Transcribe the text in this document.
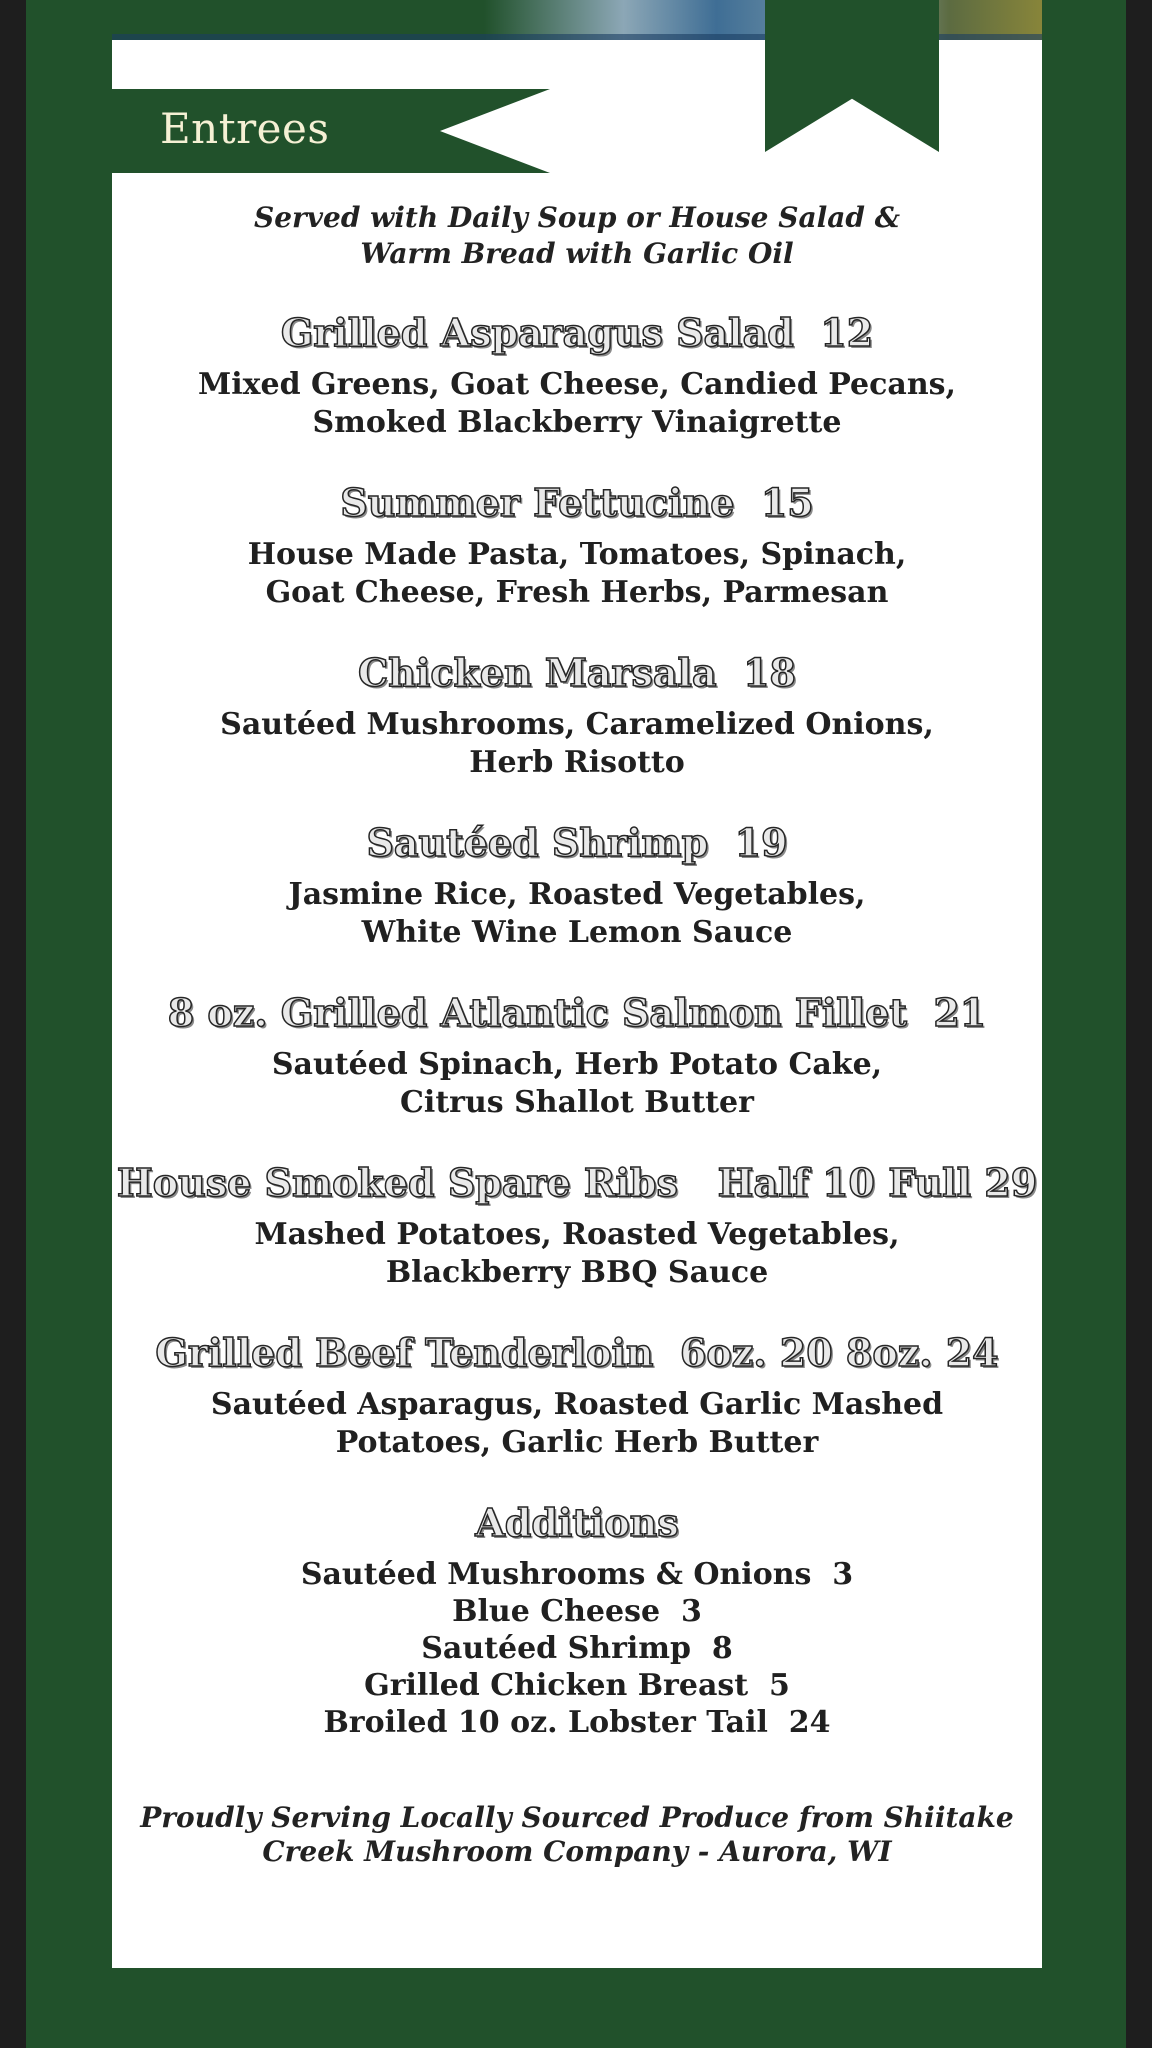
Entrees
Served with Daily Soup or House Salad &
Warm Bread with Garlic Oil
Grilled Asparagus Salad  12
Mixed Greens, Goat Cheese, Candied Pecans,
Smoked Blackberry Vinaigrette
Summer Fettucine  15
House Made Pasta, Tomatoes, Spinach,
Goat Cheese, Fresh Herbs, Parmesan
Chicken Marsala  18
Sautéed Mushrooms, Caramelized Onions,
Herb Risotto
Sautéed Shrimp  19
Jasmine Rice, Roasted Vegetables,
White Wine Lemon Sauce
8 oz. Grilled Atlantic Salmon Fillet  21
Sautéed Spinach, Herb Potato Cake,
Citrus Shallot Butter
House Smoked Spare Ribs   Half 10 Full 29
Mashed Potatoes, Roasted Vegetables,
Blackberry BBQ Sauce
Grilled Beef Tenderloin  6oz. 20 8oz. 24
Sautéed Asparagus, Roasted Garlic Mashed
Potatoes, Garlic Herb Butter
Additions
Sautéed Mushrooms & Onions  3
Blue Cheese  3
Sautéed Shrimp  8
Grilled Chicken Breast  5
Broiled 10 oz. Lobster Tail  24
Proudly Serving Locally Sourced Produce from Shiitake
Creek Mushroom Company - Aurora, WI
